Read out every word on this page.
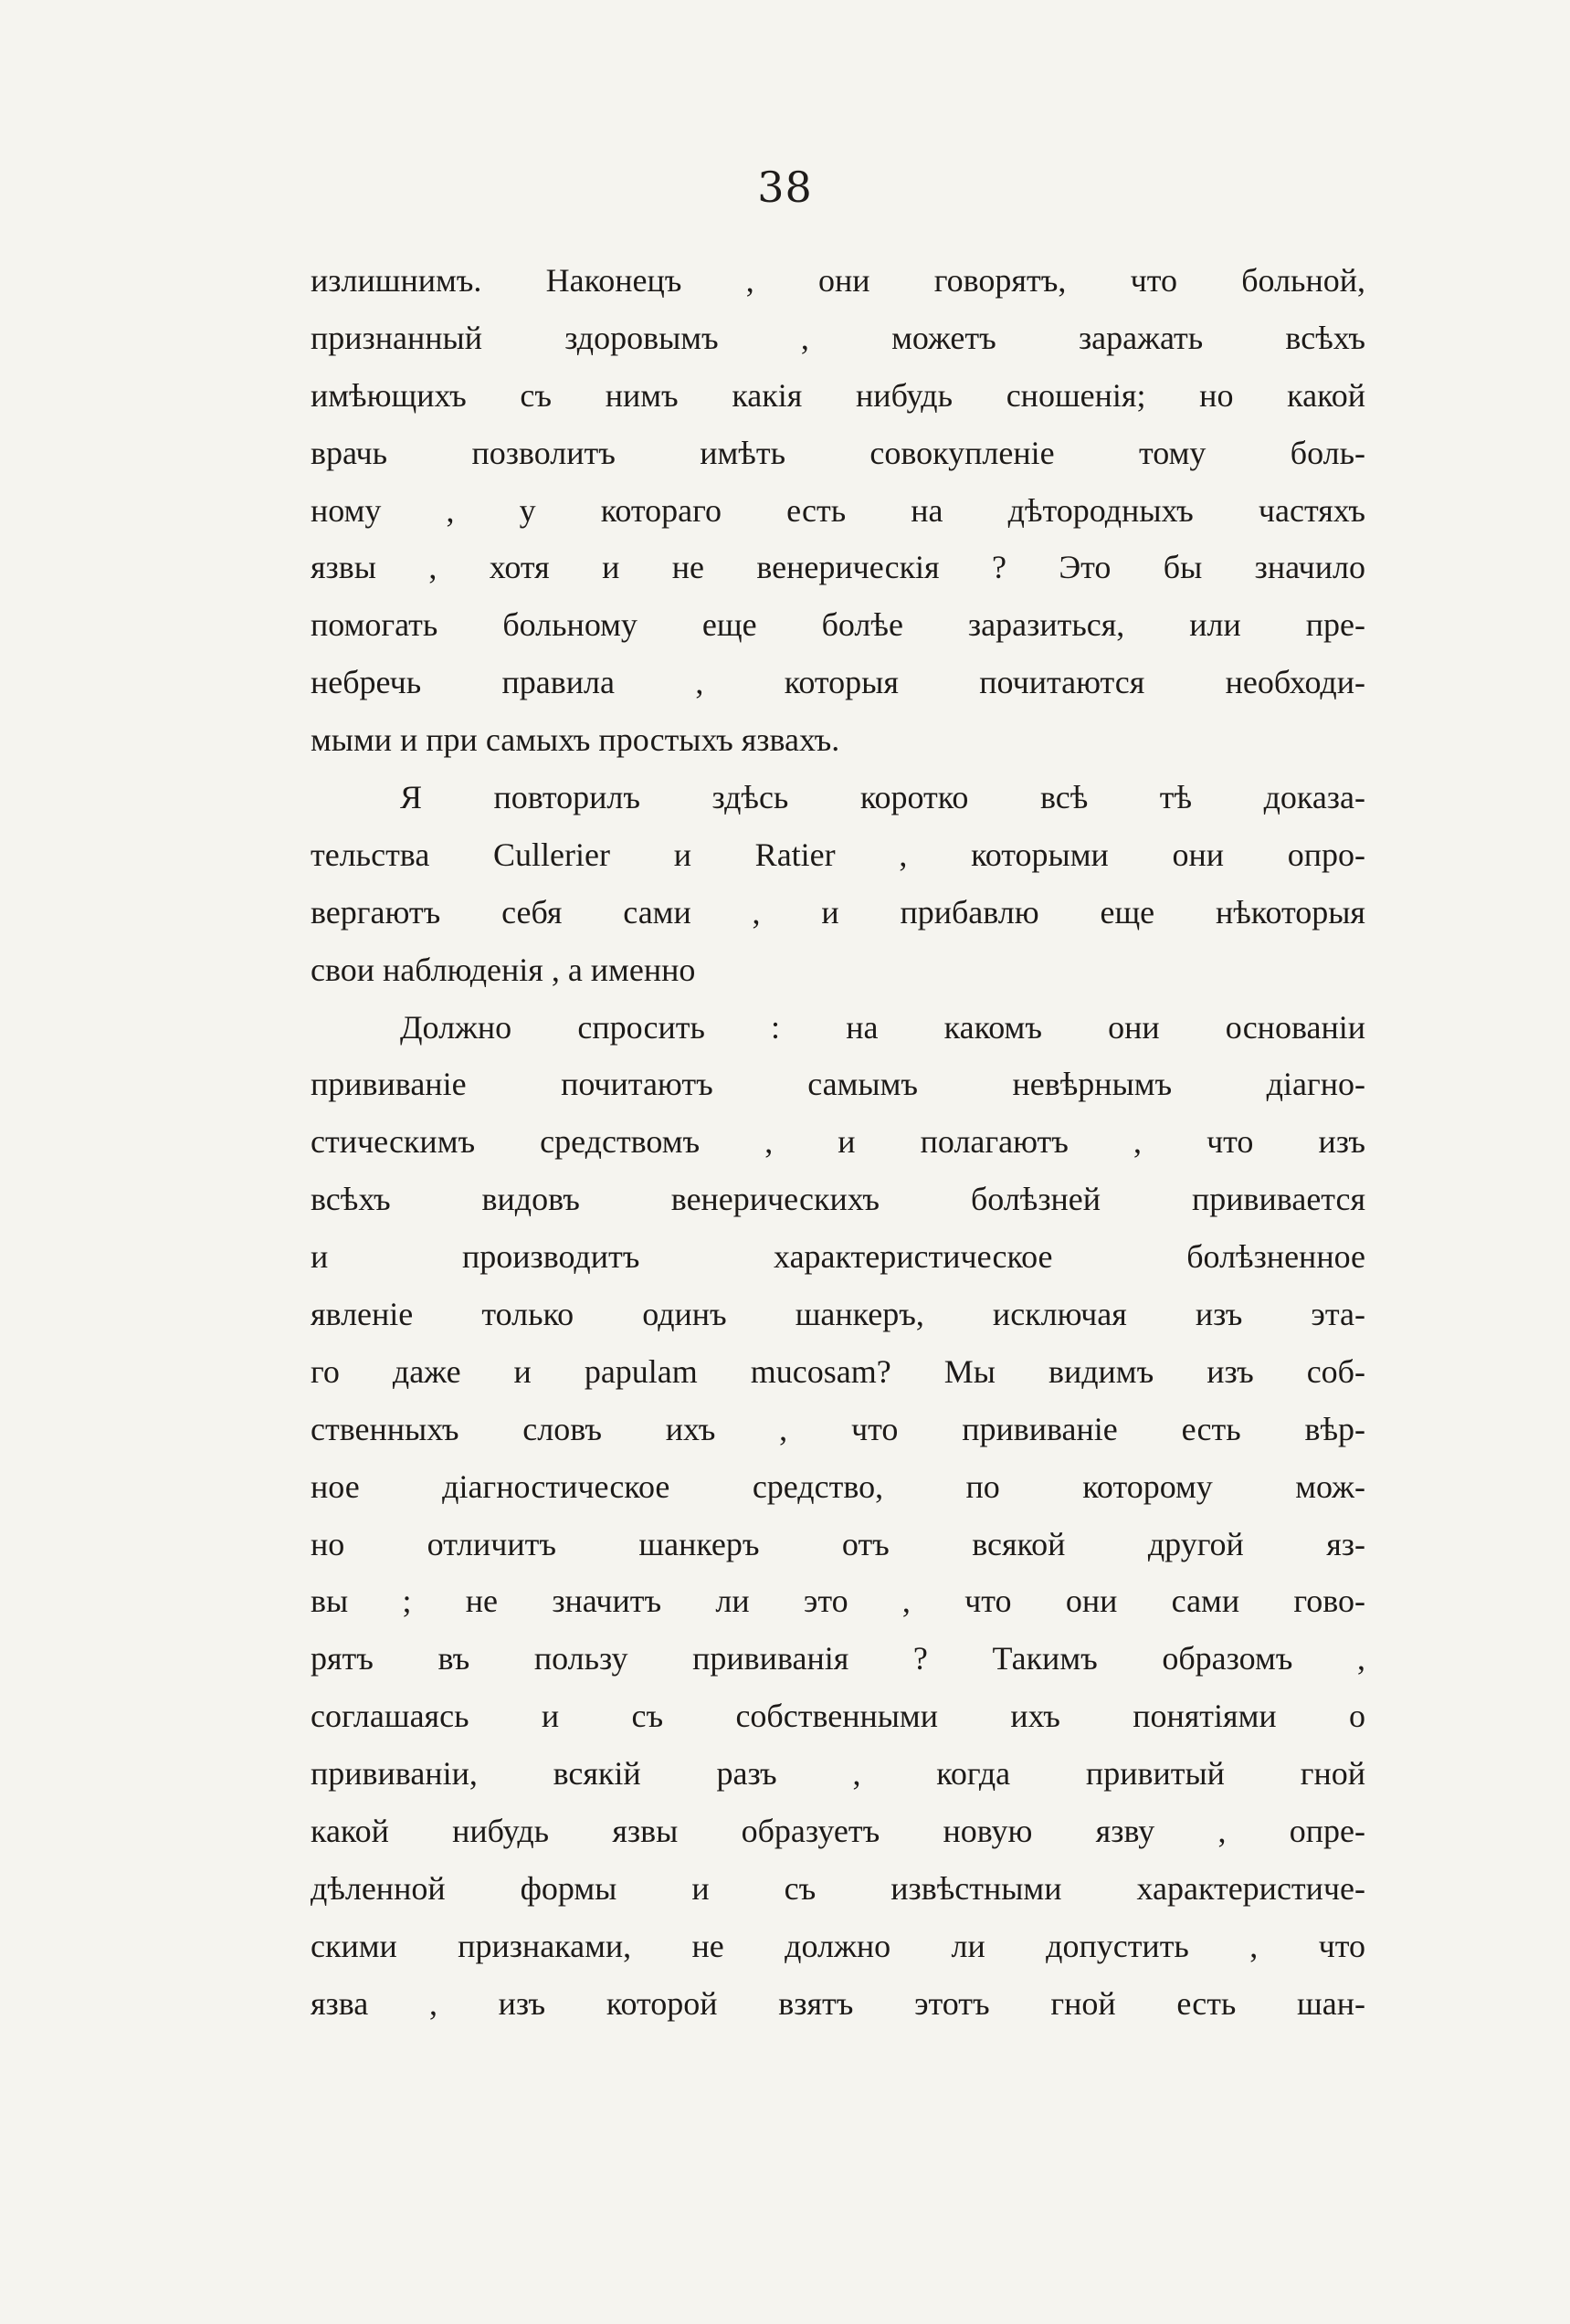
38
излишнимъ. Наконецъ , они говорятъ, что больной,
признанный здоровымъ , можетъ заражать всѣхъ
имѣющихъ съ нимъ какія нибудь сношенія; но какой
врачь позволитъ имѣть совокупленіе тому боль-
ному , у котораго есть на дѣтородныхъ частяхъ
язвы , хотя и не венерическія ? Это бы значило
помогать больному еще болѣе заразиться, или пре-
небречь правила , которыя почитаются необходи-
мыми и при самыхъ простыхъ язвахъ.
Я повторилъ здѣсь коротко всѣ тѣ доказа-
тельства Cullerier и Ratier , которыми они опро-
вергаютъ себя сами , и прибавлю еще нѣкоторыя
свои наблюденія , а именно
Должно спросить : на какомъ они основаніи
прививаніе почитаютъ самымъ невѣрнымъ діагно-
стическимъ средствомъ , и полагаютъ , что изъ
всѣхъ видовъ венерическихъ болѣзней прививается
и производитъ характеристическое болѣзненное
явленіе только одинъ шанкеръ, исключая изъ эта-
го даже и papulam mucosam? Мы видимъ изъ соб-
ственныхъ словъ ихъ , что прививаніе есть вѣр-
ное діагностическое средство, по которому мож-
но отличитъ шанкеръ отъ всякой другой яз-
вы ; не значитъ ли это , что они сами гово-
рятъ въ пользу прививанія ? Такимъ образомъ ,
соглашаясь и съ собственными ихъ понятіями о
прививаніи, всякій разъ , когда привитый гной
какой нибудь язвы образуетъ новую язву , опре-
дѣленной формы и съ извѣстными характеристиче-
скими признаками, не должно ли допустить , что
язва , изъ которой взятъ этотъ гной есть шан-
